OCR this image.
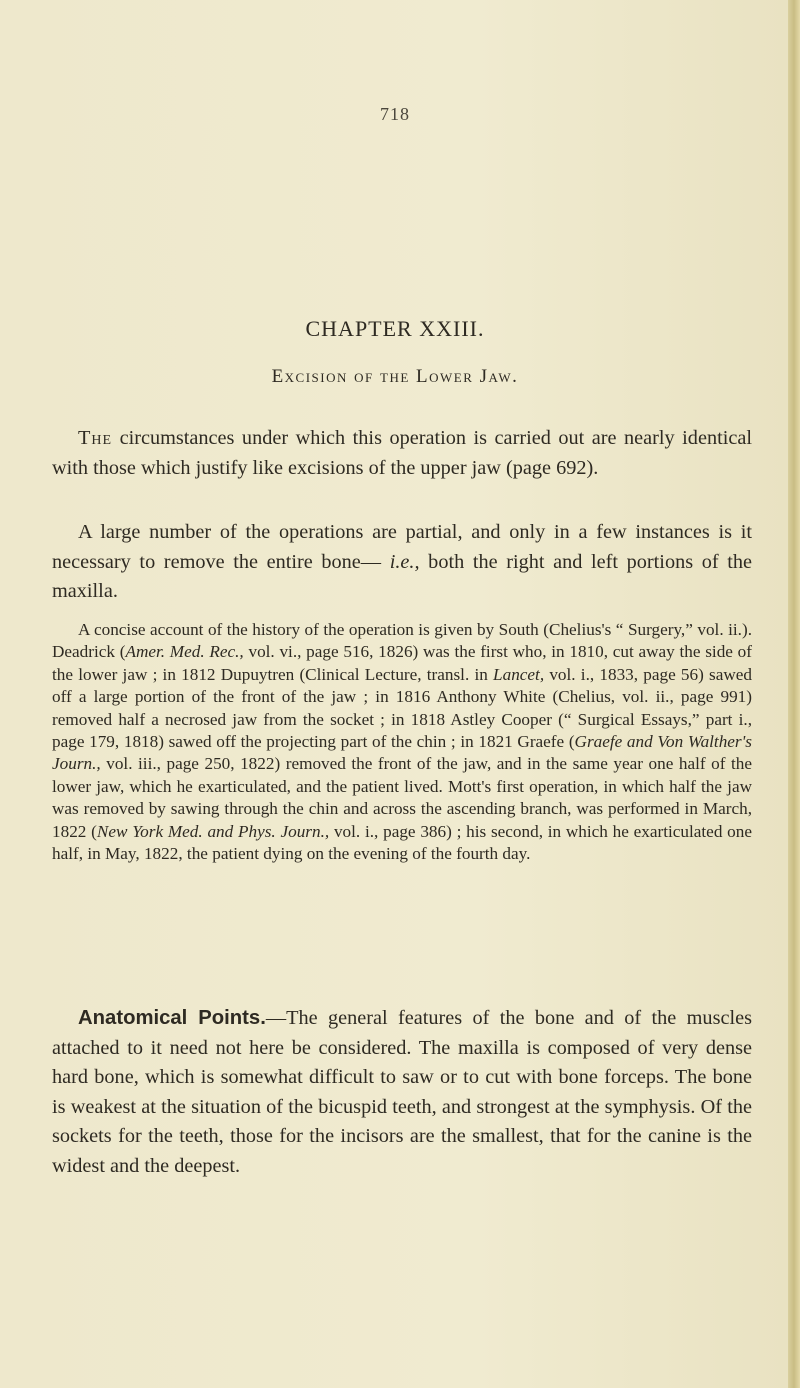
718
CHAPTER XXIII.
Excision of the Lower Jaw.

The circumstances under which this operation is carried out are nearly identical with those which justify like excisions of the upper jaw (page 692).

A large number of the operations are partial, and only in a few instances is it necessary to remove the entire bone— i.e., both the right and left portions of the maxilla.

A concise account of the history of the operation is given by South (Chelius's “ Surgery,” vol. ii.). Deadrick (Amer. Med. Rec., vol. vi., page 516, 1826) was the first who, in 1810, cut away the side of the lower jaw ; in 1812 Dupuytren (Clinical Lecture, transl. in Lancet, vol. i., 1833, page 56) sawed off a large portion of the front of the jaw ; in 1816 Anthony White (Chelius, vol. ii., page 991) removed half a necrosed jaw from the socket ; in 1818 Astley Cooper (“ Surgical Essays,” part i., page 179, 1818) sawed off the projecting part of the chin ; in 1821 Graefe (Graefe and Von Walther's Journ., vol. iii., page 250, 1822) removed the front of the jaw, and in the same year one half of the lower jaw, which he exarticulated, and the patient lived. Mott's first operation, in which half the jaw was removed by sawing through the chin and across the ascending branch, was performed in March, 1822 (New York Med. and Phys. Journ., vol. i., page 386) ; his second, in which he exarticulated one half, in May, 1822, the patient dying on the evening of the fourth day.

Anatomical Points.—The general features of the bone and of the muscles attached to it need not here be considered. The maxilla is composed of very dense hard bone, which is somewhat difficult to saw or to cut with bone forceps. The bone is weakest at the situation of the bicuspid teeth, and strongest at the symphysis. Of the sockets for the teeth, those for the incisors are the smallest, that for the canine is the widest and the deepest.
